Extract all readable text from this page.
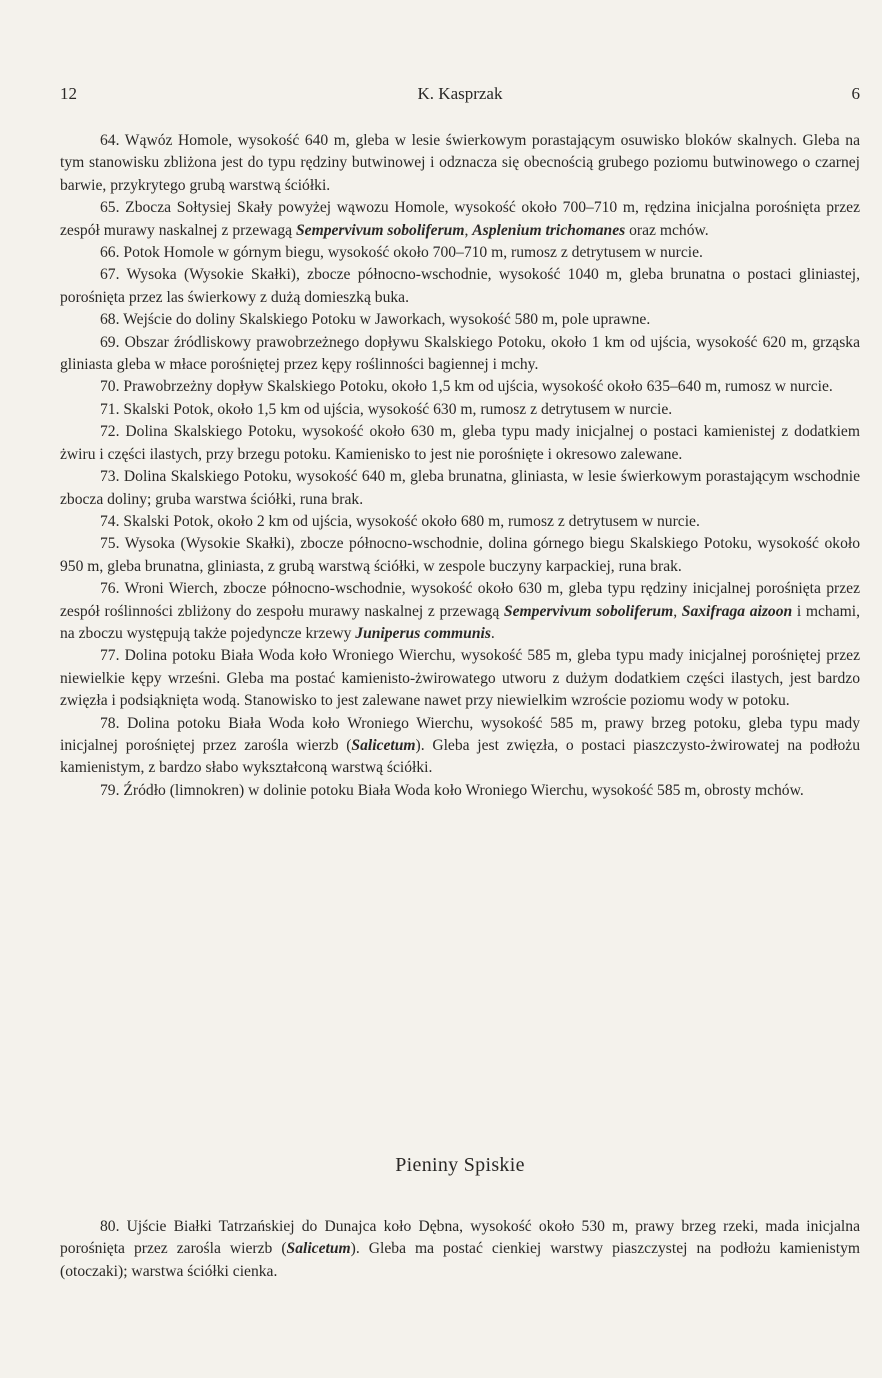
12	K. Kasprzak	6

64. Wąwóz Homole, wysokość 640 m, gleba w lesie świerkowym porastającym osuwisko bloków skalnych. Gleba na tym stanowisku zbliżona jest do typu rędziny butwinowej i odznacza się obecnością grubego poziomu butwinowego o czarnej barwie, przykrytego grubą warstwą ściółki.

65. Zbocza Sołtysiej Skały powyżej wąwozu Homole, wysokość około 700–710 m, rędzina inicjalna porośnięta przez zespół murawy naskalnej z przewagą Sempervivum soboliferum, Asplenium trichomanes oraz mchów.

66. Potok Homole w górnym biegu, wysokość około 700–710 m, rumosz z detrytusem w nurcie.

67. Wysoka (Wysokie Skałki), zbocze północno-wschodnie, wysokość 1040 m, gleba brunatna o postaci gliniastej, porośnięta przez las świerkowy z dużą domieszką buka.

68. Wejście do doliny Skalskiego Potoku w Jaworkach, wysokość 580 m, pole uprawne.

69. Obszar źródliskowy prawobrzeżnego dopływu Skalskiego Potoku, około 1 km od ujścia, wysokość 620 m, grząska gliniasta gleba w młace porośniętej przez kępy roślinności bagiennej i mchy.

70. Prawobrzeżny dopływ Skalskiego Potoku, około 1,5 km od ujścia, wysokość około 635–640 m, rumosz w nurcie.

71. Skalski Potok, około 1,5 km od ujścia, wysokość 630 m, rumosz z detrytusem w nurcie.

72. Dolina Skalskiego Potoku, wysokość około 630 m, gleba typu mady inicjalnej o postaci kamienistej z dodatkiem żwiru i części ilastych, przy brzegu potoku. Kamienisko to jest nie porośnięte i okresowo zalewane.

73. Dolina Skalskiego Potoku, wysokość 640 m, gleba brunatna, gliniasta, w lesie świerkowym porastającym wschodnie zbocza doliny; gruba warstwa ściółki, runa brak.

74. Skalski Potok, około 2 km od ujścia, wysokość około 680 m, rumosz z detrytusem w nurcie.

75. Wysoka (Wysokie Skałki), zbocze północno-wschodnie, dolina górnego biegu Skalskiego Potoku, wysokość około 950 m, gleba brunatna, gliniasta, z grubą warstwą ściółki, w zespole buczyny karpackiej, runa brak.

76. Wroni Wierch, zbocze północno-wschodnie, wysokość około 630 m, gleba typu rędziny inicjalnej porośnięta przez zespół roślinności zbliżony do zespołu murawy naskalnej z przewagą Sempervivum soboliferum, Saxifraga aizoon i mchami, na zboczu występują także pojedyncze krzewy Juniperus communis.

77. Dolina potoku Biała Woda koło Wroniego Wierchu, wysokość 585 m, gleba typu mady inicjalnej porośniętej przez niewielkie kępy wrześni. Gleba ma postać kamienisto-żwirowatego utworu z dużym dodatkiem części ilastych, jest bardzo zwięzła i podsiąknięta wodą. Stanowisko to jest zalewane nawet przy niewielkim wzroście poziomu wody w potoku.

78. Dolina potoku Biała Woda koło Wroniego Wierchu, wysokość 585 m, prawy brzeg potoku, gleba typu mady inicjalnej porośniętej przez zarośla wierzb (Salicetum). Gleba jest zwięzła, o postaci piaszczysto-żwirowatej na podłożu kamienistym, z bardzo słabo wykształconą warstwą ściółki.

79. Źródło (limnokren) w dolinie potoku Biała Woda koło Wroniego Wierchu, wysokość 585 m, obrosty mchów.

Pieniny Spiskie

80. Ujście Białki Tatrzańskiej do Dunajca koło Dębna, wysokość około 530 m, prawy brzeg rzeki, mada inicjalna porośnięta przez zarośla wierzb (Salicetum). Gleba ma postać cienkiej warstwy piaszczystej na podłożu kamienistym (otoczaki); warstwa ściółki cienka.
